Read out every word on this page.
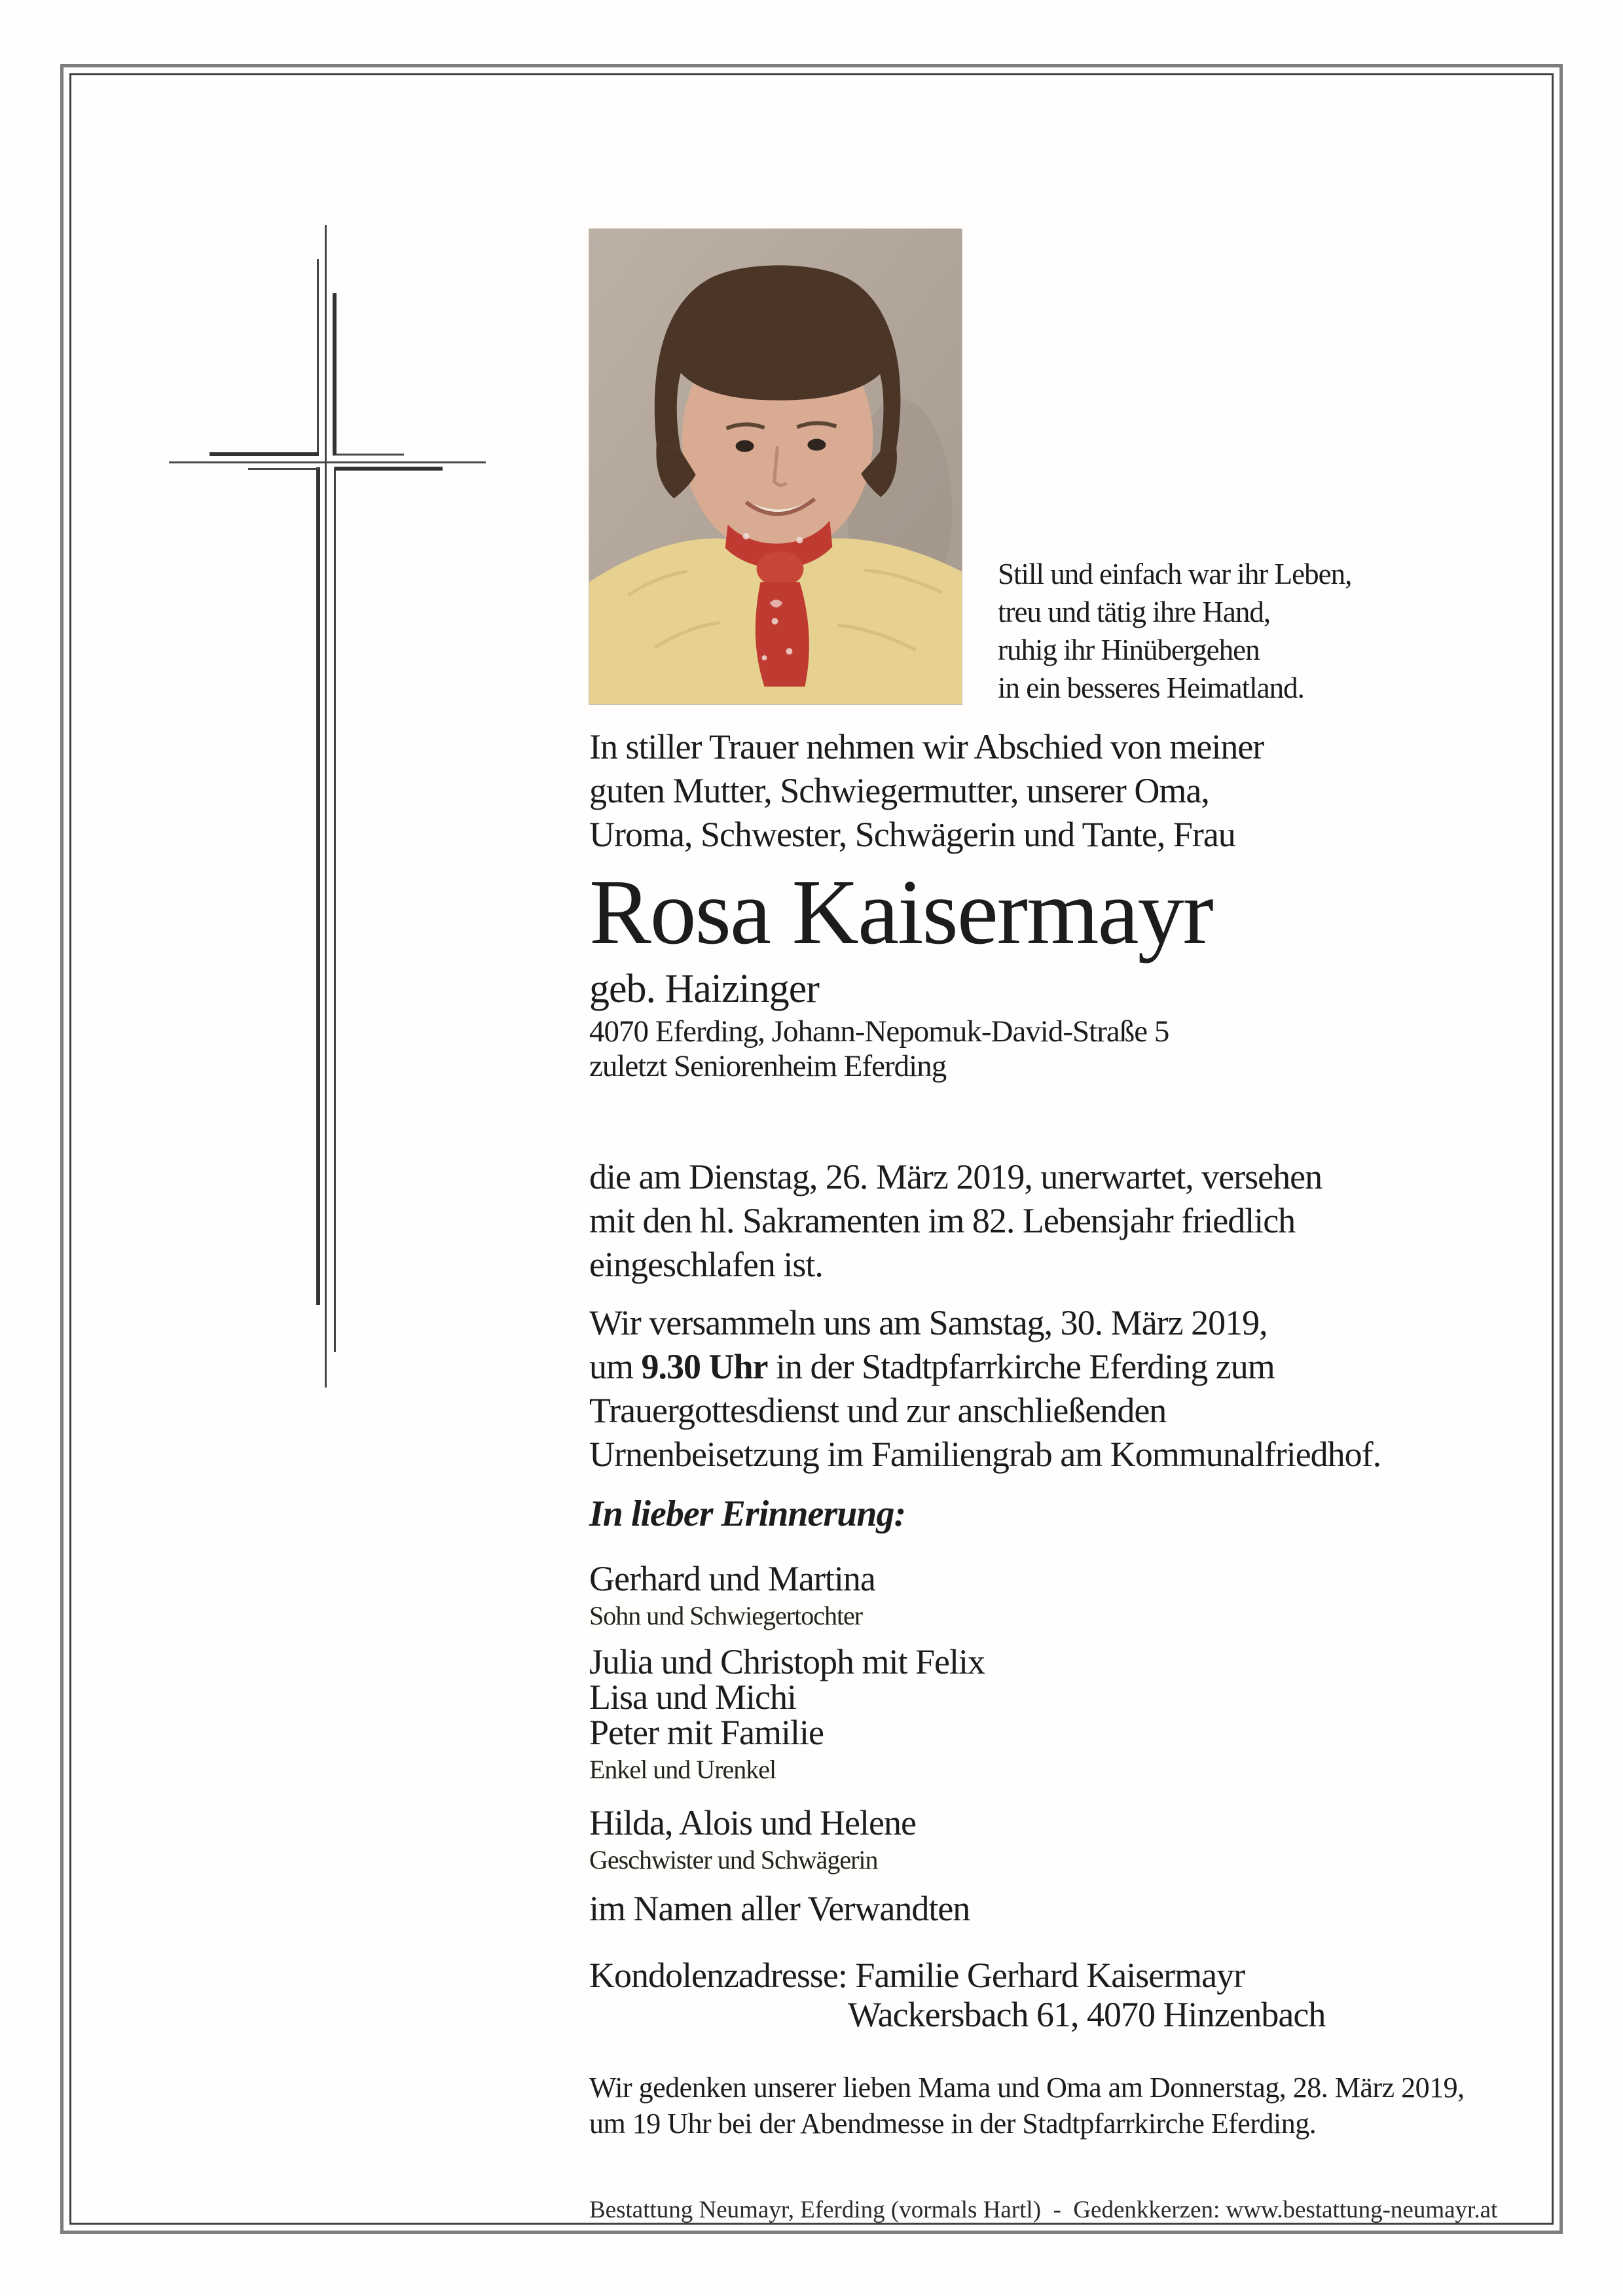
Still und einfach war ihr Leben,
treu und tätig ihre Hand,
ruhig ihr Hinübergehen
in ein besseres Heimatland.
In stiller Trauer nehmen wir Abschied von meiner
guten Mutter, Schwiegermutter, unserer Oma,
Uroma, Schwester, Schwägerin und Tante, Frau
Rosa Kaisermayr
geb. Haizinger
4070 Eferding, Johann-Nepomuk-David-Straße 5
zuletzt Seniorenheim Eferding
die am Dienstag, 26. März 2019, unerwartet, versehen
mit den hl. Sakramenten im 82. Lebensjahr friedlich
eingeschlafen ist.
Wir versammeln uns am Samstag, 30. März 2019,
um 9.30 Uhr in der Stadtpfarrkirche Eferding zum
Trauergottesdienst und zur anschließenden
Urnenbeisetzung im Familiengrab am Kommunalfriedhof.
In lieber Erinnerung:
Gerhard und Martina
Sohn und Schwiegertochter
Julia und Christoph mit Felix
Lisa und Michi
Peter mit Familie
Enkel und Urenkel
Hilda, Alois und Helene
Geschwister und Schwägerin
im Namen aller Verwandten
Kondolenzadresse: Familie Gerhard Kaisermayr
Wackersbach 61, 4070 Hinzenbach
Wir gedenken unserer lieben Mama und Oma am Donnerstag, 28. März 2019,
um 19 Uhr bei der Abendmesse in der Stadtpfarrkirche Eferding.
Bestattung Neumayr, Eferding (vormals Hartl)  -  Gedenkkerzen: www.bestattung-neumayr.at
